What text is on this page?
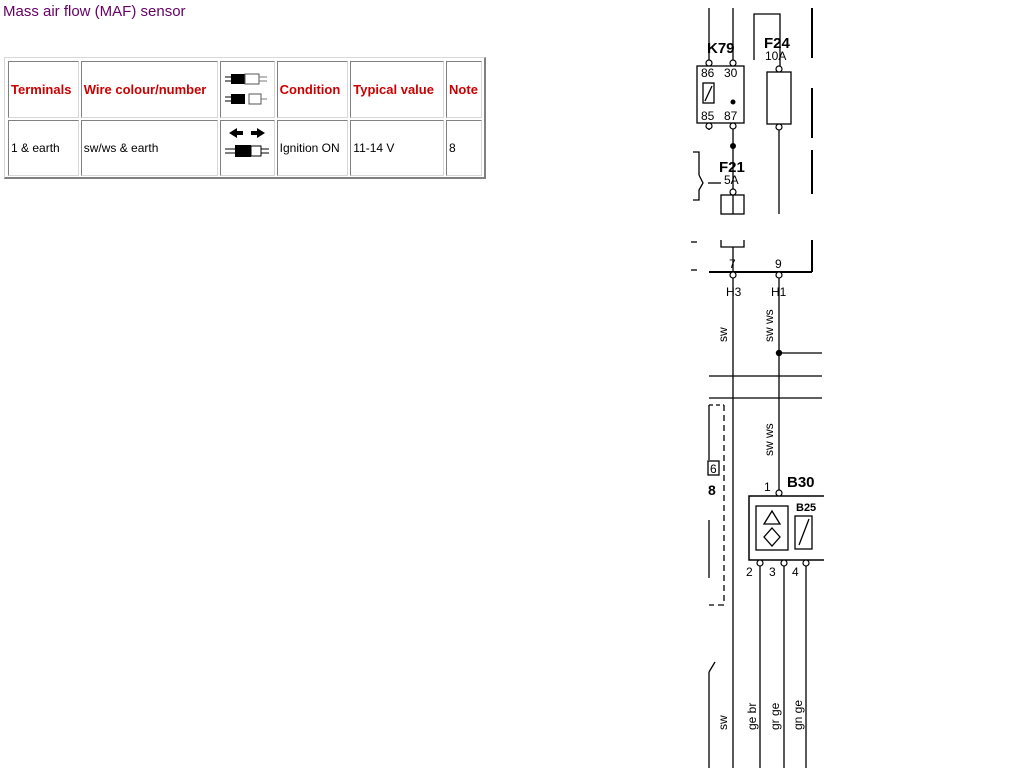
Mass air flow (MAF) sensor
Terminals	Wire colour/number		Condition	Typical value	Note
1 & earth	sw/ws & earth		Ignition ON	11-14 V	8
K79
86 30
85 87
F24
10A
F21
5A
7	9
H3 H1
sw	sw ws
sw ws
6
8	B30
1
B25
2 3 4
sw ge br gr ge gn ge
